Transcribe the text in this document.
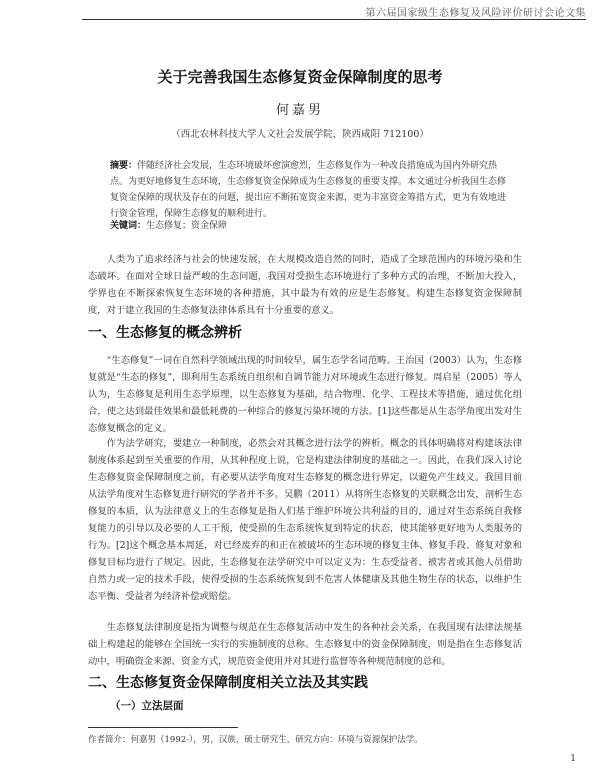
第六届国家级生态修复及风险评价研讨会论文集
关于完善我国生态修复资金保障制度的思考
何嘉男
（西北农林科技大学人文社会发展学院，陕西咸阳 712100）
摘要：伴随经济社会发展，生态环境破坏愈演愈烈，生态修复作为一种改良措施成为国内外研究热点。为更好地修复生态环境，生态修复资金保障成为生态修复的重要支撑。本文通过分析我国生态修复资金保障的现状及存在的问题，提出应不断拓宽资金来源，更为丰富资金筹措方式，更为有效地进行资金管理，保障生态修复的顺利进行。
关键词：生态修复；资金保障

人类为了追求经济与社会的快速发展，在大规模改造自然的同时，造成了全球范围内的环境污染和生态破坏。在面对全球日益严峻的生态问题，我国对受损生态环境进行了多种方式的治理，不断加大投入，学界也在不断探索恢复生态环境的各种措施，其中最为有效的应是生态修复。构建生态修复资金保障制度，对于建立我国的生态修复法律体系具有十分重要的意义。

一、生态修复的概念辨析

“生态修复”一词在自然科学领域出现的时间较早，属生态学名词范畴。王治国（2003）认为，生态修复就是“生态的修复”，即利用生态系统自组织和自调节能力对环境或生态进行修复。周启星（2005）等人认为，生态修复是利用生态学原理，以生态修复为基础，结合物理、化学、工程技术等措施，通过优化组合，使之达到最佳效果和最低耗费的一种综合的修复污染环境的方法。[1]这些都是从生态学角度出发对生态修复概念的定义。

作为法学研究，要建立一种制度，必然会对其概念进行法学的辨析。概念的具体明确将对构建该法律制度体系起到至关重要的作用，从其种程度上说，它是构建法律制度的基础之一。因此，在我们深入讨论生态修复资金保障制度之前，有必要从法学角度对生态修复的概念进行界定，以避免产生歧义。我国目前从法学角度对生态修复进行研究的学者并不多。吴鹏（2011）从将所生态修复的关联概念出发，剖析生态修复的本质，认为法律意义上的生态修复是指人们基于维护环境公共利益的目的，通过对生态系统自我修复能力的引导以及必要的人工干预，使受损的生态系统恢复到特定的状态，使其能够更好地为人类服务的行为。[2]这个概念基本周延，对已经废弃的和正在被破坏的生态环境的修复主体、修复手段、修复对象和修复目标均进行了规定。因此，生态修复在法学研究中可以定义为：生态受益者、被害者或其他人员借助自然力或一定的技术手段，使得受损的生态系统恢复到不危害人体健康及其他生物生存的状态，以维护生态平衡、受益者为经济补偿或赔偿。

生态修复法律制度是指为调整与规范在生态修复活动中发生的各种社会关系，在我国现有法律法规基础上构建起的能够在全国统一实行的实施制度的总称。生态修复中的资金保障制度，则是指在生态修复活动中，明确资金来源、资金方式，规范资金使用并对其进行监督等各种规范制度的总和。

二、生态修复资金保障制度相关立法及其实践
（一）立法层面
作者简介：何嘉男（1992-），男，汉族，硕士研究生，研究方向：环境与资源保护法学。
1
